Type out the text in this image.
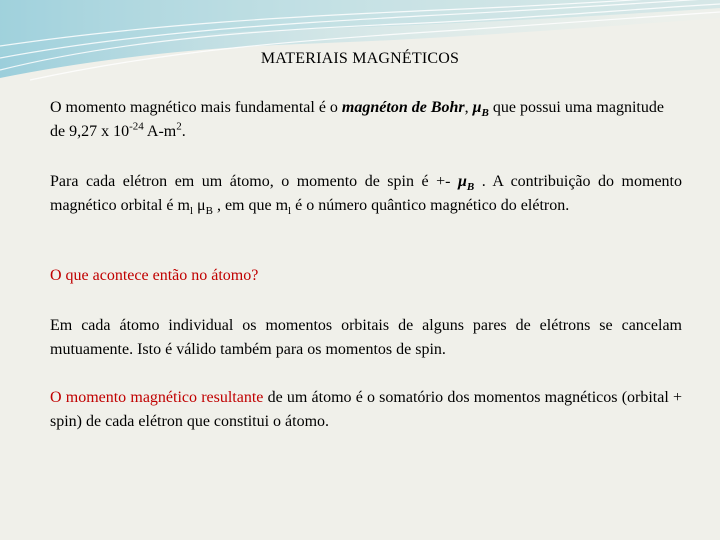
MATERIAIS MAGNÉTICOS

O momento magnético mais fundamental é o magnéton de Bohr, $\mu_B$ que possui uma magnitude de 9,27 x $10^{-24}$ $A-m^2$.

Para cada elétron em um átomo, o momento de spin é +- $\mu_B$ . A contribuição do momento magnético orbital é $m_l$ $\mu_B$ , em que $m_l$ é o número quântico magnético do elétron.

O que acontece então no átomo?

Em cada átomo individual os momentos orbitais de alguns pares de elétrons se cancelam mutuamente. Isto é válido também para os momentos de spin.

O momento magnético resultante de um átomo é o somatório dos momentos magnéticos (orbital + spin) de cada elétron que constitui o átomo.
